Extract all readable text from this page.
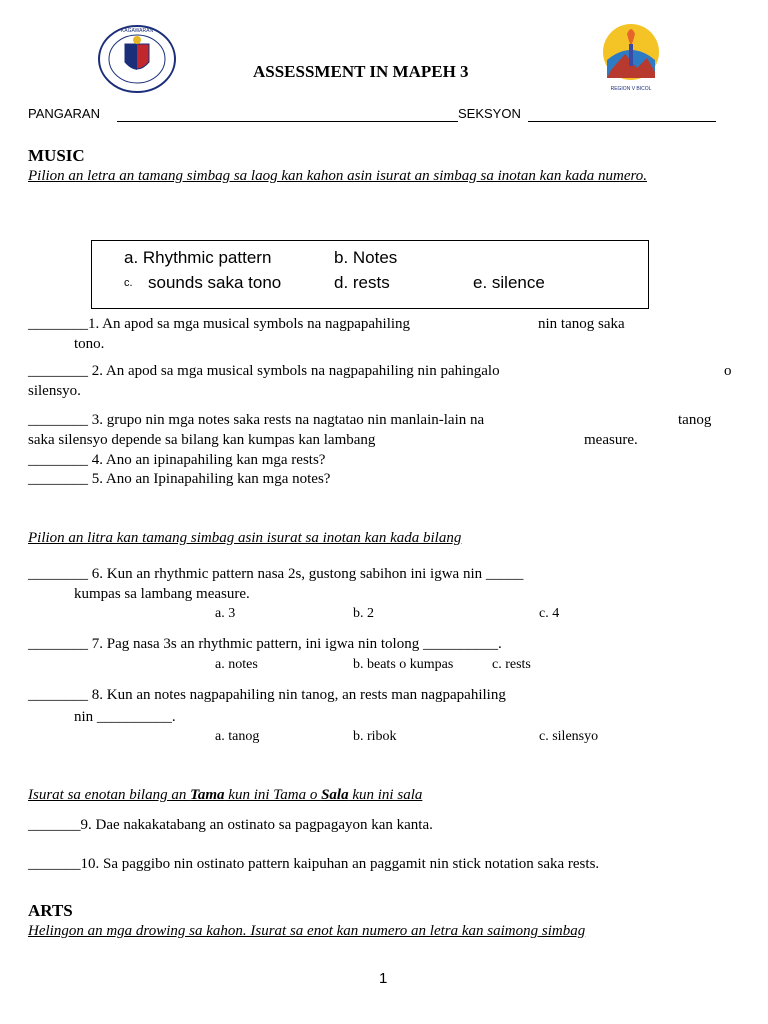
KAGAWARAN
REGION V BICOL
ASSESSMENT IN MAPEH 3
PANGARAN	SEKSYON
MUSIC
Pilion an letra an tamang simbag sa laog kan kahon asin isurat an simbag sa inotan kan kada numero.
a. Rhythmic pattern	b. Notes
c. sounds saka tono	d. rests	e. silence
________1. An apod sa mga musical symbols na nagpapahiling	nin tanog saka
tono.
________ 2. An apod sa mga musical symbols na nagpapahiling nin pahingalo	o
silensyo.
________ 3. grupo nin mga notes saka rests na nagtatao nin manlain-lain na	tanog
saka silensyo depende sa bilang kan kumpas kan lambang	measure.
________ 4. Ano an ipinapahiling kan mga rests?
________ 5. Ano an Ipinapahiling kan mga notes?
Pilion an litra kan tamang simbag asin isurat sa inotan kan kada bilang
________ 6. Kun an rhythmic pattern nasa 2s, gustong sabihon ini igwa nin _____
kumpas sa lambang measure.
a. 3	b. 2	c. 4
________ 7. Pag nasa 3s an rhythmic pattern, ini igwa nin tolong __________.
a. notes	b. beats o kumpas	c. rests
________ 8. Kun an notes nagpapahiling nin tanog, an rests man nagpapahiling
nin __________.
a. tanog	b. ribok	c. silensyo
Isurat sa enotan bilang an Tama kun ini Tama o Sala kun ini sala
_______9. Dae nakakatabang an ostinato sa pagpagayon kan kanta.
_______10. Sa paggibo nin ostinato pattern kaipuhan an paggamit nin stick notation saka rests.
ARTS
Helingon an mga drowing sa kahon. Isurat sa enot kan numero an letra kan saimong simbag
1
